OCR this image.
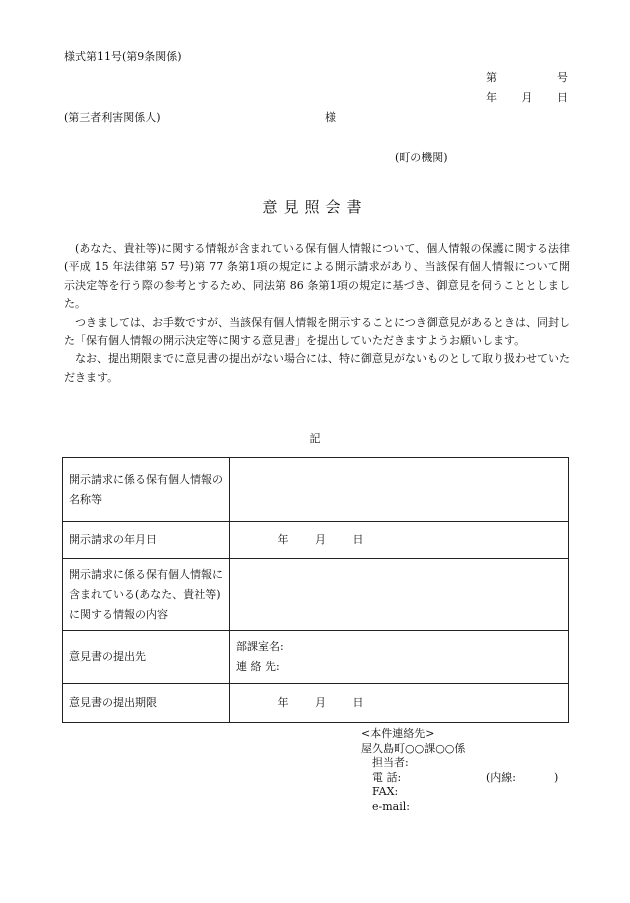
様式第11号(第9条関係)
第	号
年 月 日
(第三者利害関係人)	様
(町の機関)
意見照会書

(あなた、貴社等)に関する情報が含まれている保有個人情報について、個人情報の保護に関する法律(平成 15 年法律第 57 号)第 77 条第1項の規定による開示請求があり、当該保有個人情報について開示決定等を行う際の参考とするため、同法第 86 条第1項の規定に基づき、御意見を伺うこととしました。

つきましては、お手数ですが、当該保有個人情報を開示することにつき御意見があるときは、同封した「保有個人情報の開示決定等に関する意見書」を提出していただきますようお願いします。

なお、提出期限までに意見書の提出がない場合には、特に御意見がないものとして取り扱わせていただきます。

記
開示請求に係る保有個人情報の名称等	
開示請求の年月日	年 月 日
開示請求に係る保有個人情報に含まれている(あなた、貴社等)に関する情報の内容	
意見書の提出先	部課室名:
連 絡 先:

意見書の提出期限	年 月 日
<本件連絡先>
屋久島町○○課○○係
担当者:
電 話:	(内線:	)
FAX:
e-mail:
